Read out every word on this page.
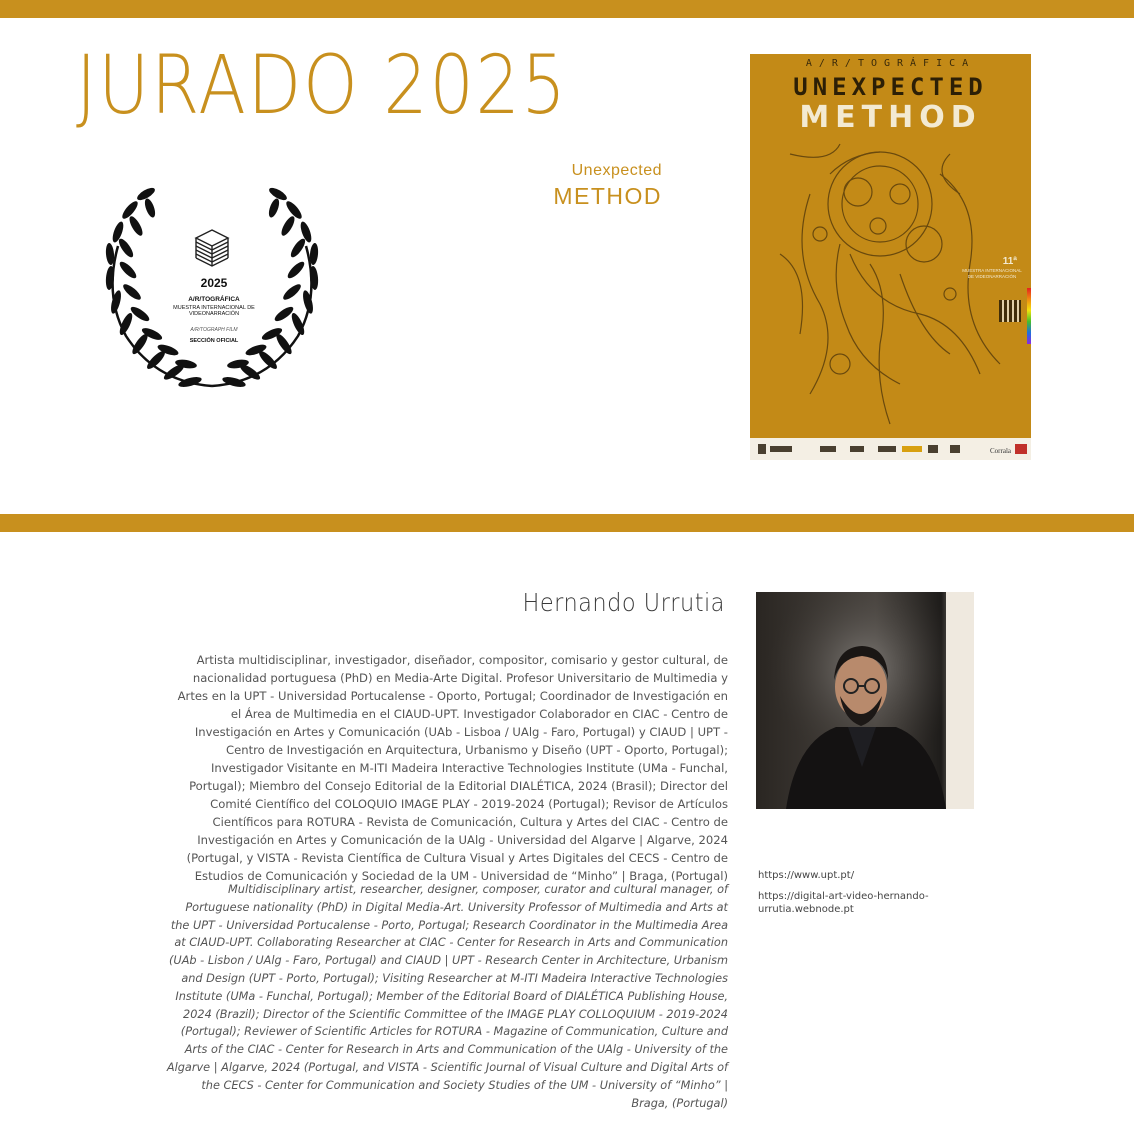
JURADO 2025
Unexpected
METHOD
2025
A/R/TOGRÁFICA
MUESTRA INTERNACIONAL DE VIDEONARRACIÓN
A/R/TOGRAPH FILM
SECCIÓN OFICIAL
A/R/TOGRÁFICA
UNEXPECTED
METHOD
11ª
MUESTRA INTERNACIONAL DE VIDEONARRACIÓN
Corrala
Hernando Urrutia
Artista multidisciplinar, investigador, diseñador, compositor, comisario y gestor cultural, de nacionalidad portuguesa (PhD) en Media-Arte Digital. Profesor Universitario de Multimedia y Artes en la UPT - Universidad Portucalense - Oporto, Portugal; Coordinador de Investigación en el Área de Multimedia en el CIAUD-UPT. Investigador Colaborador en CIAC - Centro de Investigación en Artes y Comunicación (UAb - Lisboa / UAlg - Faro, Portugal) y CIAUD | UPT - Centro de Investigación en Arquitectura, Urbanismo y Diseño (UPT - Oporto, Portugal); Investigador Visitante en M-ITI Madeira Interactive Technologies Institute (UMa - Funchal, Portugal); Miembro del Consejo Editorial de la Editorial DIALÉTICA, 2024 (Brasil); Director del Comité Científico del COLOQUIO IMAGE PLAY - 2019-2024 (Portugal); Revisor de Artículos Científicos para ROTURA - Revista de Comunicación, Cultura y Artes del CIAC - Centro de Investigación en Artes y Comunicación de la UAlg - Universidad del Algarve | Algarve, 2024 (Portugal, y VISTA - Revista Científica de Cultura Visual y Artes Digitales del CECS - Centro de Estudios de Comunicación y Sociedad de la UM - Universidad de “Minho” | Braga, (Portugal)
Multidisciplinary artist, researcher, designer, composer, curator and cultural manager, of Portuguese nationality (PhD) in Digital Media-Art. University Professor of Multimedia and Arts at the UPT - Universidad Portucalense - Porto, Portugal; Research Coordinator in the Multimedia Area at CIAUD-UPT. Collaborating Researcher at CIAC - Center for Research in Arts and Communication (UAb - Lisbon / UAlg - Faro, Portugal) and CIAUD | UPT - Research Center in Architecture, Urbanism and Design (UPT - Porto, Portugal); Visiting Researcher at M-ITI Madeira Interactive Technologies Institute (UMa - Funchal, Portugal); Member of the Editorial Board of DIALÉTICA Publishing House, 2024 (Brazil); Director of the Scientific Committee of the IMAGE PLAY COLLOQUIUM - 2019-2024 (Portugal); Reviewer of Scientific Articles for ROTURA - Magazine of Communication, Culture and Arts of the CIAC - Center for Research in Arts and Communication of the UAlg - University of the Algarve | Algarve, 2024 (Portugal, and VISTA - Scientific Journal of Visual Culture and Digital Arts of the CECS - Center for Communication and Society Studies of the UM - University of “Minho” | Braga, (Portugal)
https://www.upt.pt/
https://digital-art-video-hernando-urrutia.webnode.pt
